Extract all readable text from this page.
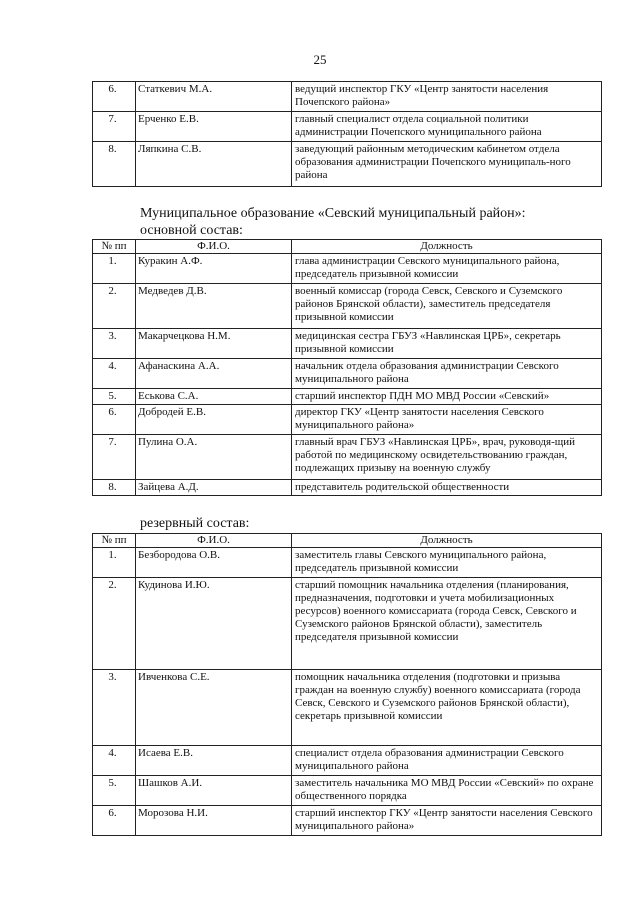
25
6.	Статкевич М.А.	ведущий инспектор ГКУ «Центр занятости населения Почепского района»
7.	Ерченко Е.В.	главный специалист отдела социальной политики администрации Почепского муниципального района
8.	Ляпкина С.В.	заведующий районным методическим кабинетом отдела образования администрации Почепского муниципаль-ного района
Муниципальное образование «Севский муниципальный район»:
основной состав:
№ пп	Ф.И.О.	Должность
1.	Куракин А.Ф.	глава администрации Севского муниципального района, председатель призывной комиссии
2.	Медведев Д.В.	военный комиссар (города Севск, Севского и Суземского районов Брянской области), заместитель председателя призывной комиссии
3.	Макарчецкова Н.М.	медицинская сестра ГБУЗ «Навлинская ЦРБ», секретарь призывной комиссии
4.	Афанаскина А.А.	начальник отдела образования администрации Севского муниципального района
5.	Еськова С.А.	старший инспектор ПДН МО МВД России «Севский»
6.	Добродей Е.В.	директор ГКУ «Центр занятости населения Севского муниципального района»
7.	Пулина О.А.	главный врач ГБУЗ «Навлинская ЦРБ», врач, руководя-щий работой по медицинскому освидетельствованию граждан, подлежащих призыву на военную службу
8.	Зайцева А.Д.	представитель родительской общественности
резервный состав:
№ пп	Ф.И.О.	Должность
1.	Безбородова О.В.	заместитель главы Севского муниципального района, председатель призывной комиссии
2.	Кудинова И.Ю.	старший помощник начальника отделения (планирования, предназначения, подготовки и учета мобилизационных ресурсов) военного комиссариата (города Севск, Севского и Суземского районов Брянской области), заместитель председателя призывной комиссии
3.	Ивченкова С.Е.	помощник начальника отделения (подготовки и призыва граждан на военную службу) военного комиссариата (города Севск, Севского и Суземского районов Брянской области), секретарь призывной комиссии
4.	Исаева Е.В.	специалист отдела образования администрации Севского муниципального района
5.	Шашков А.И.	заместитель начальника МО МВД России «Севский» по охране общественного порядка
6.	Морозова Н.И.	старший инспектор ГКУ «Центр занятости населения Севского муниципального района»
